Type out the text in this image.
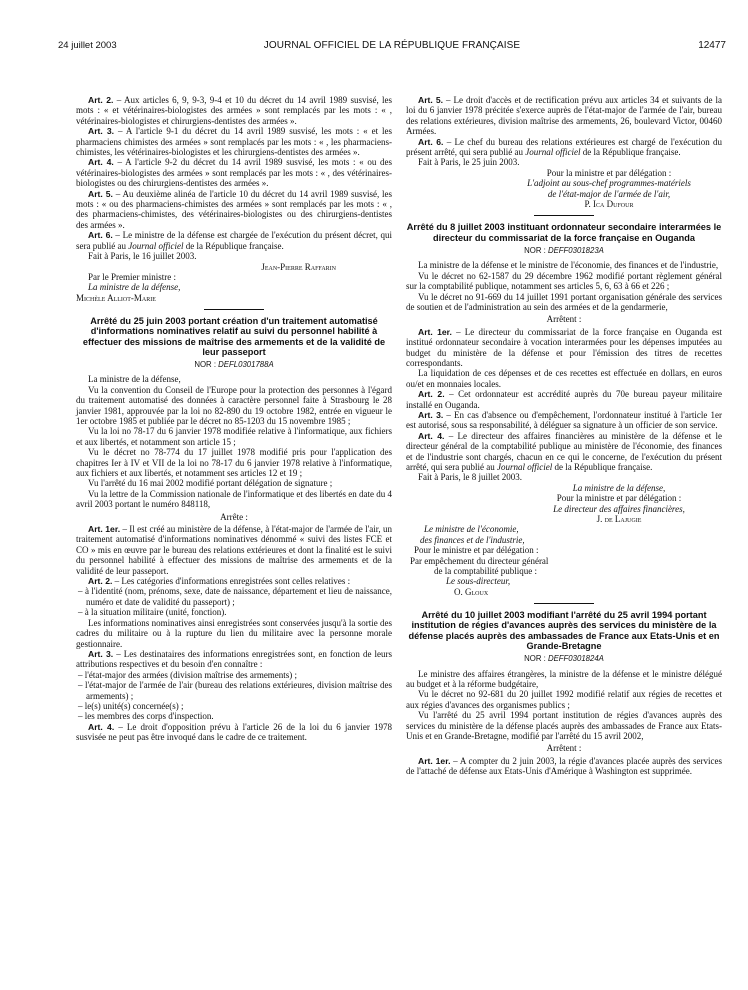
24 juillet 2003	JOURNAL OFFICIEL DE LA RÉPUBLIQUE FRANÇAISE	12477

Art. 2. – Aux articles 6, 9, 9-3, 9-4 et 10 du décret du 14 avril 1989 susvisé, les mots : « et vétérinaires-biologistes des armées » sont remplacés par les mots : « , vétérinaires-biologistes et chirurgiens-dentistes des armées ».

Art. 3. – A l'article 9-1 du décret du 14 avril 1989 susvisé, les mots : « et les pharmaciens chimistes des armées » sont remplacés par les mots : « , les pharmaciens-chimistes, les vétérinaires-biologistes et les chirurgiens-dentistes des armées ».

Art. 4. – A l'article 9-2 du décret du 14 avril 1989 susvisé, les mots : « ou des vétérinaires-biologistes des armées » sont remplacés par les mots : « , des vétérinaires-biologistes ou des chirurgiens-dentistes des armées ».

Art. 5. – Au deuxième alinéa de l'article 10 du décret du 14 avril 1989 susvisé, les mots : « ou des pharmaciens-chimistes des armées » sont remplacés par les mots : « , des pharmaciens-chimistes, des vétérinaires-biologistes ou des chirurgiens-dentistes des armées ».

Art. 6. – Le ministre de la défense est chargée de l'exécution du présent décret, qui sera publié au Journal officiel de la République française.

Fait à Paris, le 16 juillet 2003.

Jean-Pierre Raffarin

Par le Premier ministre :

La ministre de la défense,

Michèle Alliot-Marie

Arrêté du 25 juin 2003 portant création d'un traitement automatisé d'informations nominatives relatif au suivi du personnel habilité à effectuer des missions de maîtrise des armements et de la validité de leur passeport

NOR : DEFL0301788A

La ministre de la défense,

Vu la convention du Conseil de l'Europe pour la protection des personnes à l'égard du traitement automatisé des données à caractère personnel faite à Strasbourg le 28 janvier 1981, approuvée par la loi no 82-890 du 19 octobre 1982, entrée en vigueur le 1er octobre 1985 et publiée par le décret no 85-1203 du 15 novembre 1985 ;

Vu la loi no 78-17 du 6 janvier 1978 modifiée relative à l'informatique, aux fichiers et aux libertés, et notamment son article 15 ;

Vu le décret no 78-774 du 17 juillet 1978 modifié pris pour l'application des chapitres Ier à IV et VII de la loi no 78-17 du 6 janvier 1978 relative à l'informatique, aux fichiers et aux libertés, et notamment ses articles 12 et 19 ;

Vu l'arrêté du 16 mai 2002 modifié portant délégation de signature ;

Vu la lettre de la Commission nationale de l'informatique et des libertés en date du 4 avril 2003 portant le numéro 848118,

Arrête :

Art. 1er. – Il est créé au ministère de la défense, à l'état-major de l'armée de l'air, un traitement automatisé d'informations nominatives dénommé « suivi des listes FCE et CO » mis en œuvre par le bureau des relations extérieures et dont la finalité est le suivi du personnel habilité à effectuer des missions de maîtrise des armements et de la validité de leur passeport.

Art. 2. – Les catégories d'informations enregistrées sont celles relatives :

– à l'identité (nom, prénoms, sexe, date de naissance, département et lieu de naissance, numéro et date de validité du passeport) ;
– à la situation militaire (unité, fonction).

Les informations nominatives ainsi enregistrées sont conservées jusqu'à la sortie des cadres du militaire ou à la rupture du lien du militaire avec la personne morale gestionnaire.

Art. 3. – Les destinataires des informations enregistrées sont, en fonction de leurs attributions respectives et du besoin d'en connaître :

– l'état-major des armées (division maîtrise des armements) ;
– l'état-major de l'armée de l'air (bureau des relations extérieures, division maîtrise des armements) ;
– le(s) unité(s) concernée(s) ;
– les membres des corps d'inspection.

Art. 4. – Le droit d'opposition prévu à l'article 26 de la loi du 6 janvier 1978 susvisée ne peut pas être invoqué dans le cadre de ce traitement.

Art. 5. – Le droit d'accès et de rectification prévu aux articles 34 et suivants de la loi du 6 janvier 1978 précitée s'exerce auprès de l'état-major de l'armée de l'air, bureau des relations extérieures, division maîtrise des armements, 26, boulevard Victor, 00460 Armées.

Art. 6. – Le chef du bureau des relations extérieures est chargé de l'exécution du présent arrêté, qui sera publié au Journal officiel de la République française.

Fait à Paris, le 25 juin 2003.

Pour la ministre et par délégation :

L'adjoint au sous-chef programmes-matériels

de l'état-major de l'armée de l'air,

P. Ica Dufour

Arrêté du 8 juillet 2003 instituant ordonnateur secondaire interarmées le directeur du commissariat de la force française en Ouganda

NOR : DEFF0301823A

La ministre de la défense et le ministre de l'économie, des finances et de l'industrie,

Vu le décret no 62-1587 du 29 décembre 1962 modifié portant règlement général sur la comptabilité publique, notamment ses articles 5, 6, 63 à 66 et 226 ;

Vu le décret no 91-669 du 14 juillet 1991 portant organisation générale des services de soutien et de l'administration au sein des armées et de la gendarmerie,

Arrêtent :

Art. 1er. – Le directeur du commissariat de la force française en Ouganda est institué ordonnateur secondaire à vocation interarmées pour les dépenses imputées au budget du ministère de la défense et pour l'émission des titres de recettes correspondants.

La liquidation de ces dépenses et de ces recettes est effectuée en dollars, en euros ou/et en monnaies locales.

Art. 2. – Cet ordonnateur est accrédité auprès du 70e bureau payeur militaire installé en Ouganda.

Art. 3. – En cas d'absence ou d'empêchement, l'ordonnateur institué à l'article 1er est autorisé, sous sa responsabilité, à déléguer sa signature à un officier de son service.

Art. 4. – Le directeur des affaires financières au ministère de la défense et le directeur général de la comptabilité publique au ministère de l'économie, des finances et de l'industrie sont chargés, chacun en ce qui le concerne, de l'exécution du présent arrêté, qui sera publié au Journal officiel de la République française.

Fait à Paris, le 8 juillet 2003.

La ministre de la défense,

Pour la ministre et par délégation :

Le directeur des affaires financières,

J. de Lajugie

Le ministre de l'économie,

des finances et de l'industrie,

Pour le ministre et par délégation :

Par empêchement du directeur général

de la comptabilité publique :

Le sous-directeur,

O. Gloux

Arrêté du 10 juillet 2003 modifiant l'arrêté du 25 avril 1994 portant institution de régies d'avances auprès des services du ministère de la défense placés auprès des ambassades de France aux Etats-Unis et en Grande-Bretagne

NOR : DEFF0301824A

Le ministre des affaires étrangères, la ministre de la défense et le ministre délégué au budget et à la réforme budgétaire,

Vu le décret no 92-681 du 20 juillet 1992 modifié relatif aux régies de recettes et aux régies d'avances des organismes publics ;

Vu l'arrêté du 25 avril 1994 portant institution de régies d'avances auprès des services du ministère de la défense placés auprès des ambassades de France aux Etats-Unis et en Grande-Bretagne, modifié par l'arrêté du 15 avril 2002,

Arrêtent :

Art. 1er. – A compter du 2 juin 2003, la régie d'avances placée auprès des services de l'attaché de défense aux Etats-Unis d'Amérique à Washington est supprimée.
